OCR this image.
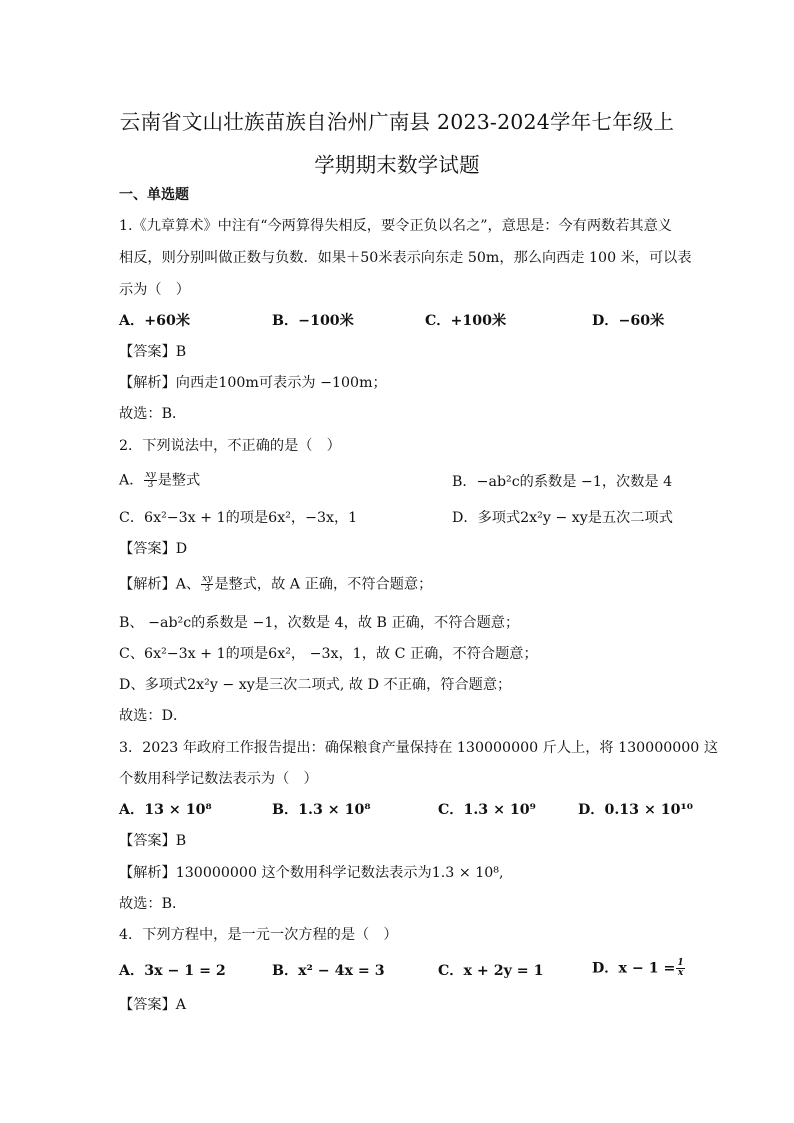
云南省文山壮族苗族自治州广南县 2023-2024学年七年级上
学期期末数学试题
一、单选题
1.《九章算术》中注有“今两算得失相反，要令正负以名之”，意思是：今有两数若其意义
相反，则分别叫做正数与负数．如果＋50米表示向东走 50m，那么向西走 100 米，可以表
示为（　）
A．+60米	B．−100米	C．+100米	D．−60米
【答案】B
【解析】向西走100m可表示为 −100m；
故选：B．
2．下列说法中，不正确的是（　）
A． $\frac{xy}{3}$ 是整式	B．−ab²c的系数是 −1，次数是 4
C．6x²−3x + 1的项是6x²，−3x，1	D．多项式2x²y − xy是五次二项式
【答案】D
【解析】A、 $\frac{xy}{3}$ 是整式，故 A 正确，不符合题意；
B、 −ab²c的系数是 −1，次数是 4，故 B 正确，不符合题意；
C、6x²−3x + 1的项是6x²， −3x，1，故 C 正确，不符合题意；
D、多项式2x²y − xy是三次二项式, 故 D 不正确，符合题意；
故选：D．
3．2023 年政府工作报告提出：确保粮食产量保持在 130000000 斤人上，将 130000000 这
个数用科学记数法表示为（　）
A．13 × 10⁸	B．1.3 × 10⁸	C．1.3 × 10⁹	D．0.13 × 10¹⁰
【答案】B
【解析】130000000 这个数用科学记数法表示为1.3 × 10⁸,
故选：B．
4．下列方程中，是一元一次方程的是（　）
A．3x − 1 = 2	B．x² − 4x = 3	C．x + 2y = 1	D．$x - 1 = \frac{1}{x}$
【答案】A
